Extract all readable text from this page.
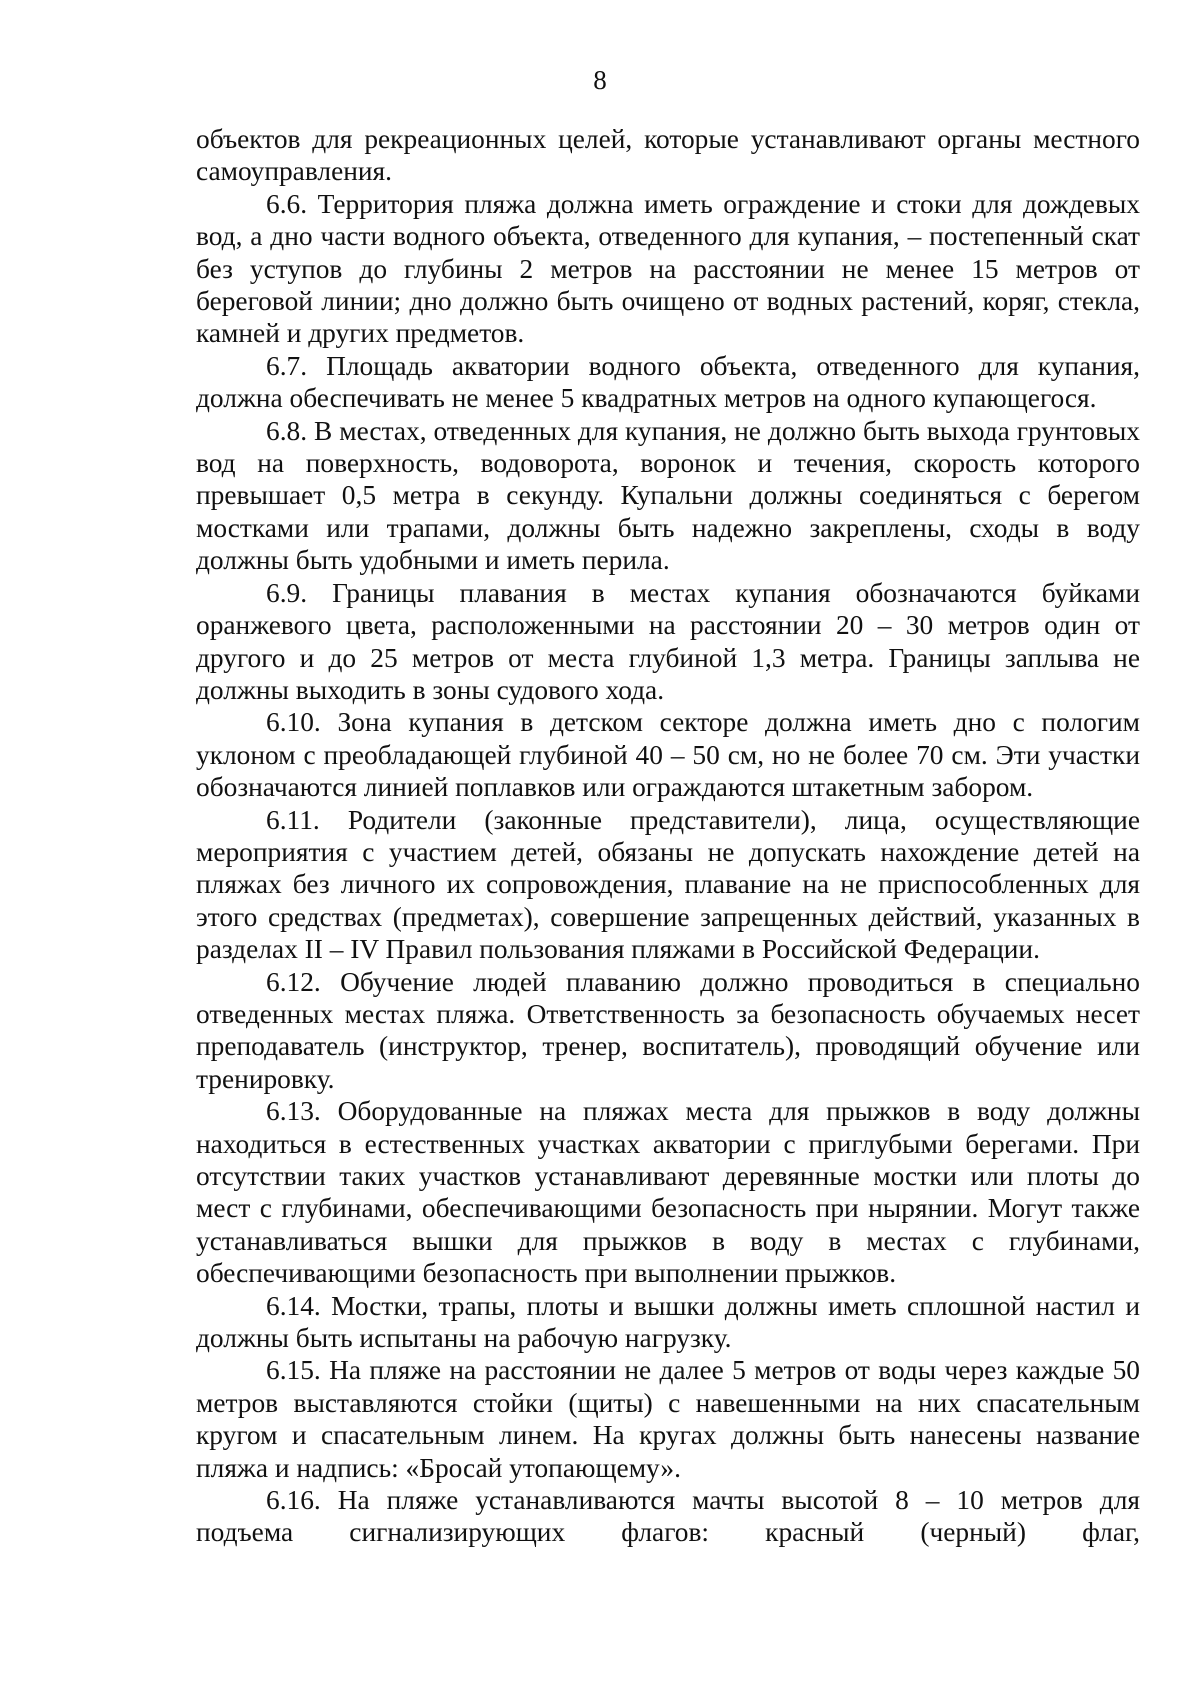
8

объектов для рекреационных целей, которые устанавливают органы местного самоуправления.

6.6. Территория пляжа должна иметь ограждение и стоки для дождевых вод, а дно части водного объекта, отведенного для купания, – постепенный скат без уступов до глубины 2 метров на расстоянии не менее 15 метров от береговой линии; дно должно быть очищено от водных растений, коряг, стекла, камней и других предметов.

6.7. Площадь акватории водного объекта, отведенного для купания, должна обеспечивать не менее 5 квадратных метров на одного купающегося.

6.8. В местах, отведенных для купания, не должно быть выхода грунтовых вод на поверхность, водоворота, воронок и течения, скорость которого превышает 0,5 метра в секунду. Купальни должны соединяться с берегом мостками или трапами, должны быть надежно закреплены, сходы в воду должны быть удобными и иметь перила.

6.9. Границы плавания в местах купания обозначаются буйками оранжевого цвета, расположенными на расстоянии 20 – 30 метров один от другого и до 25 метров от места глубиной 1,3 метра. Границы заплыва не должны выходить в зоны судового хода.

6.10. Зона купания в детском секторе должна иметь дно с пологим уклоном с преобладающей глубиной 40 – 50 см, но не более 70 см. Эти участки обозначаются линией поплавков или ограждаются штакетным забором.

6.11. Родители (законные представители), лица, осуществляющие мероприятия с участием детей, обязаны не допускать нахождение детей на пляжах без личного их сопровождения, плавание на не приспособленных для этого средствах (предметах), совершение запрещенных действий, указанных в разделах II – IV Правил пользования пляжами в Российской Федерации.

6.12. Обучение людей плаванию должно проводиться в специально отведенных местах пляжа. Ответственность за безопасность обучаемых несет преподаватель (инструктор, тренер, воспитатель), проводящий обучение или тренировку.

6.13. Оборудованные на пляжах места для прыжков в воду должны находиться в естественных участках акватории с приглубыми берегами. При отсутствии таких участков устанавливают деревянные мостки или плоты до мест с глубинами, обеспечивающими безопасность при нырянии. Могут также устанавливаться вышки для прыжков в воду в местах с глубинами, обеспечивающими безопасность при выполнении прыжков.

6.14. Мостки, трапы, плоты и вышки должны иметь сплошной настил и должны быть испытаны на рабочую нагрузку.

6.15. На пляже на расстоянии не далее 5 метров от воды через каждые 50 метров выставляются стойки (щиты) с навешенными на них спасательным кругом и спасательным линем. На кругах должны быть нанесены название пляжа и надпись: «Бросай утопающему».

6.16. На пляже устанавливаются мачты высотой 8 – 10 метров для подъема сигнализирующих флагов: красный (черный) флаг,
